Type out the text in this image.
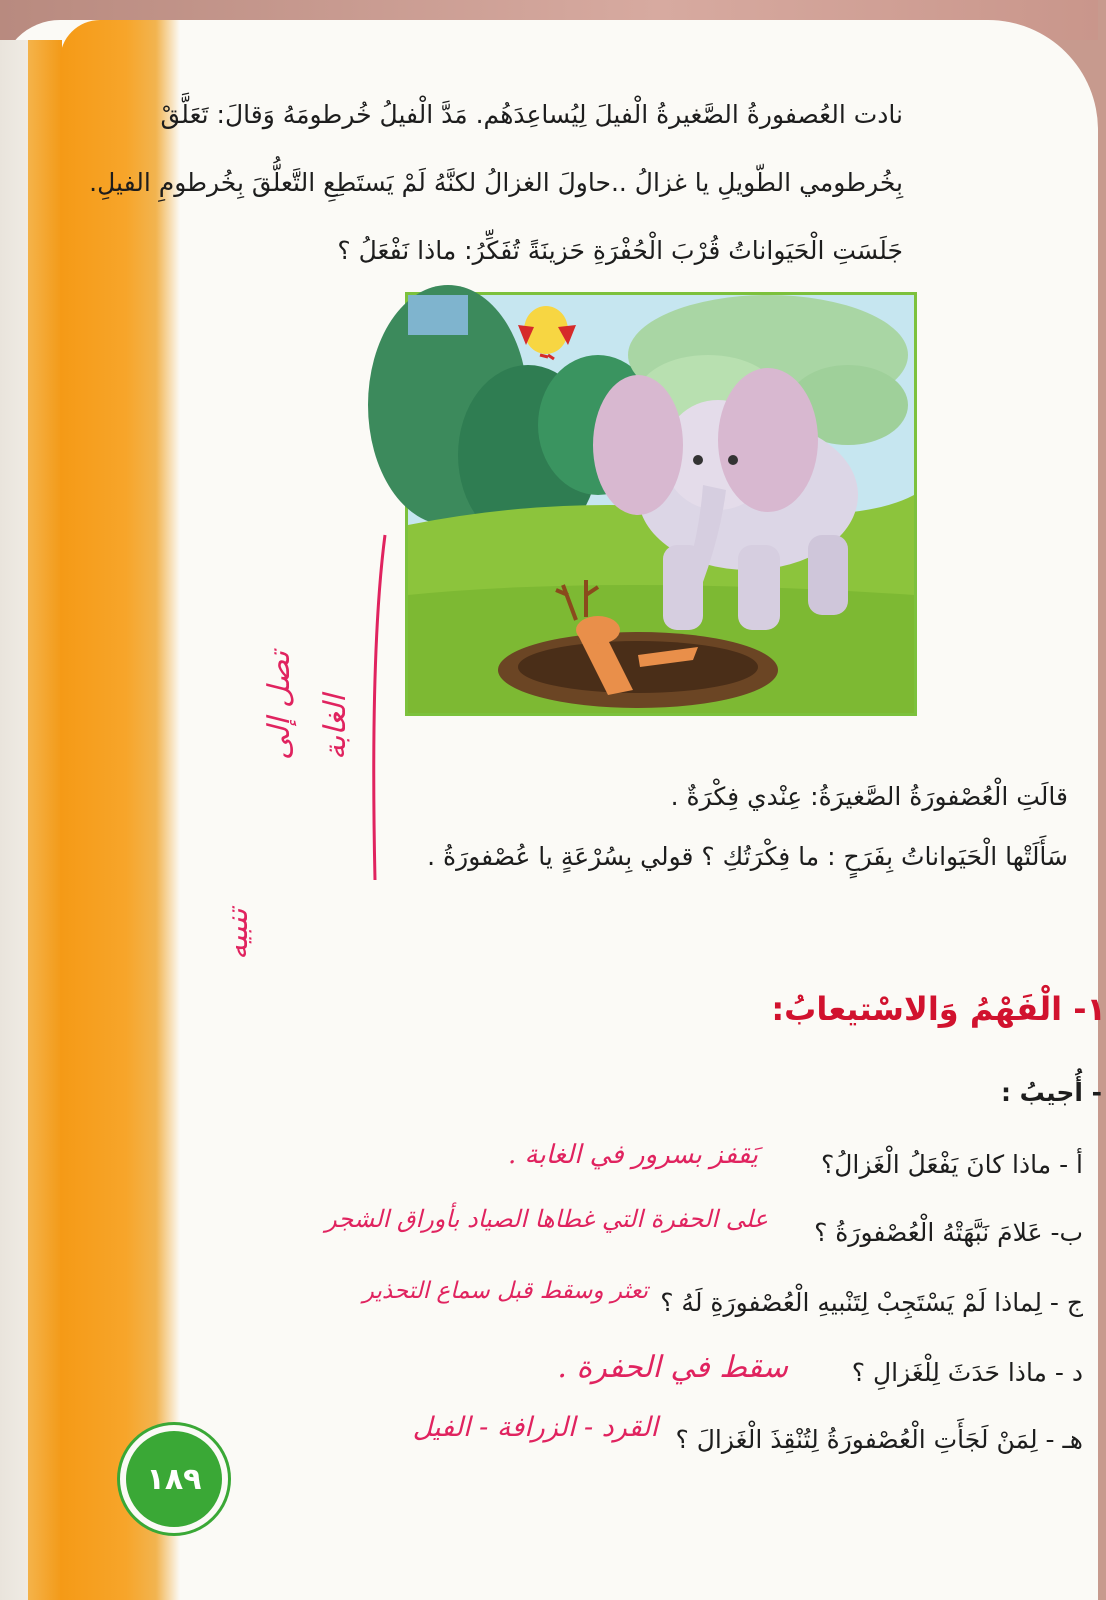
نادت العُصفورةُ الصَّغيرةُ الْفيلَ لِيُساعِدَهُم. مَدَّ الْفيلُ خُرطومَهُ وَقالَ: تَعَلَّقْ
بِخُرطومي الطّويلِ يا غزالُ ..حاولَ الغزالُ لكنَّهُ لَمْ يَستَطِعِ التَّعلُّقَ بِخُرطومِ الفيلِ.
جَلَسَتِ الْحَيَواناتُ قُرْبَ الْحُفْرَةِ حَزينَةً تُفَكِّرُ: ماذا نَفْعَلُ ؟
الغابة
تصل إلى
تنبيه
قالَتِ الْعُصْفورَةُ الصَّغيرَةُ: عِنْدي فِكْرَةٌ .
سَأَلَتْها الْحَيَواناتُ بِفَرَحٍ : ما فِكْرَتُكِ ؟ قولي بِسُرْعَةٍ يا عُصْفورَةُ .
١- الْفَهْمُ وَالاسْتيعابُ:
- أُجيبُ :
أ - ماذا كانَ يَفْعَلُ الْغَزالُ؟
يَقفز بسرور في الغابة .
ب- عَلامَ نَبَّهَتْهُ الْعُصْفورَةُ ؟
على الحفرة التي غطاها الصياد بأوراق الشجر
ج - لِماذا لَمْ يَسْتَجِبْ لِتَنْبيهِ الْعُصْفورَةِ لَهُ ؟
تعثر وسقط قبل سماع التحذير
د - ماذا حَدَثَ لِلْغَزالِ ؟
سقط في الحفرة .
هـ - لِمَنْ لَجَأَتِ الْعُصْفورَةُ لِتُنْقِذَ الْغَزالَ ؟
القرد - الزرافة - الفيل
١٨٩
